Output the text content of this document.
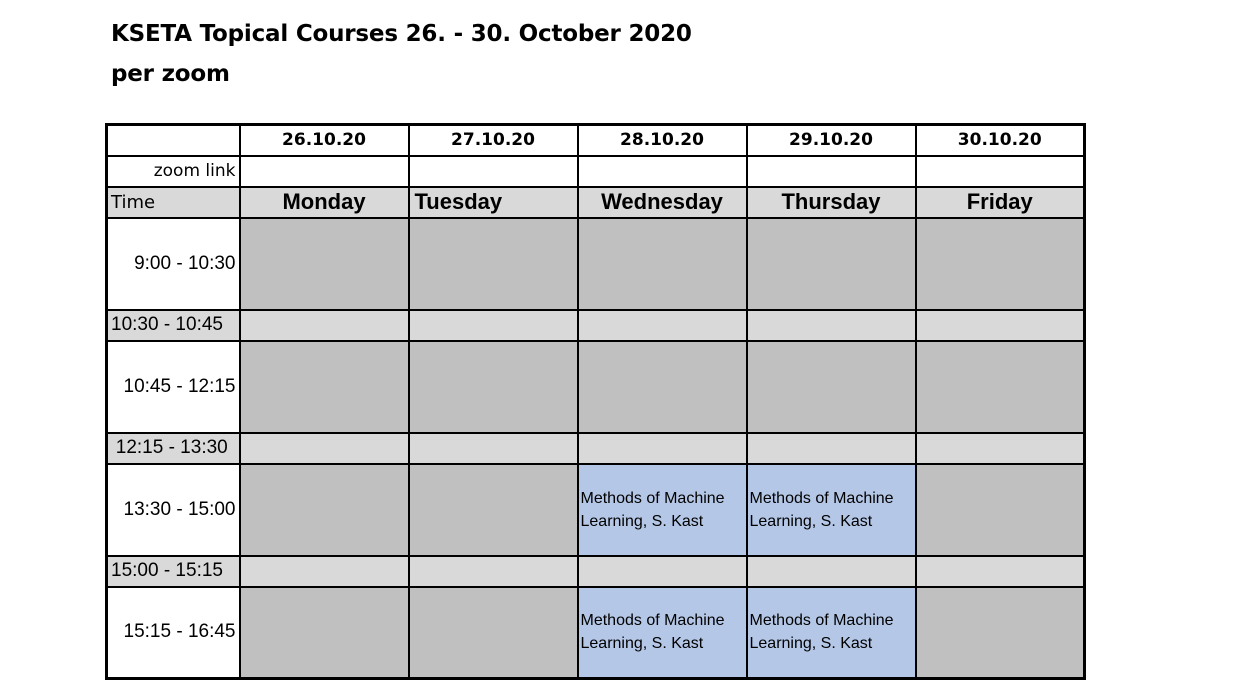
KSETA Topical Courses 26. - 30. October 2020
per zoom
	26.10.20	27.10.20	28.10.20	29.10.20	30.10.20
zoom link					
Time	Monday	Tuesday	Wednesday	Thursday	Friday
9:00 - 10:30					
10:30 - 10:45					
10:45 - 12:15					
12:15 - 13:30					
13:30 - 15:00			Methods of Machine Learning, S. Kast	Methods of Machine Learning, S. Kast	
15:00 - 15:15					
15:15 - 16:45			Methods of Machine Learning, S. Kast	Methods of Machine Learning, S. Kast	
